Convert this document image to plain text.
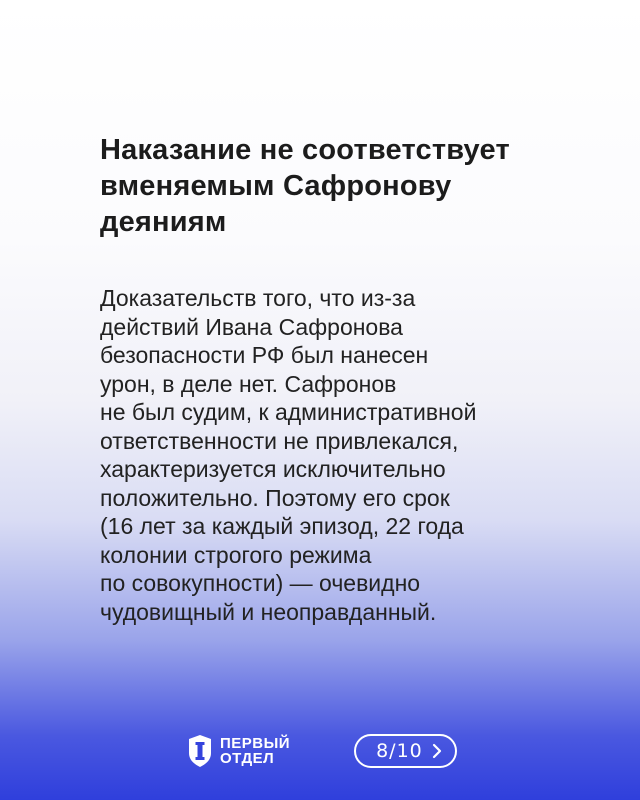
Наказание не соответствует
вменяемым Сафронову
деяниям
Доказательств того, что из-за
действий Ивана Сафронова
безопасности РФ был нанесен
урон, в деле нет. Сафронов
не был судим, к административной
ответственности не привлекался,
характеризуется исключительно
положительно. Поэтому его срок
(16 лет за каждый эпизод, 22 года
колонии строгого режима
по совокупности) — очевидно
чудовищный и неоправданный.
ПЕРВЫЙ
ОТДЕЛ	8/10
